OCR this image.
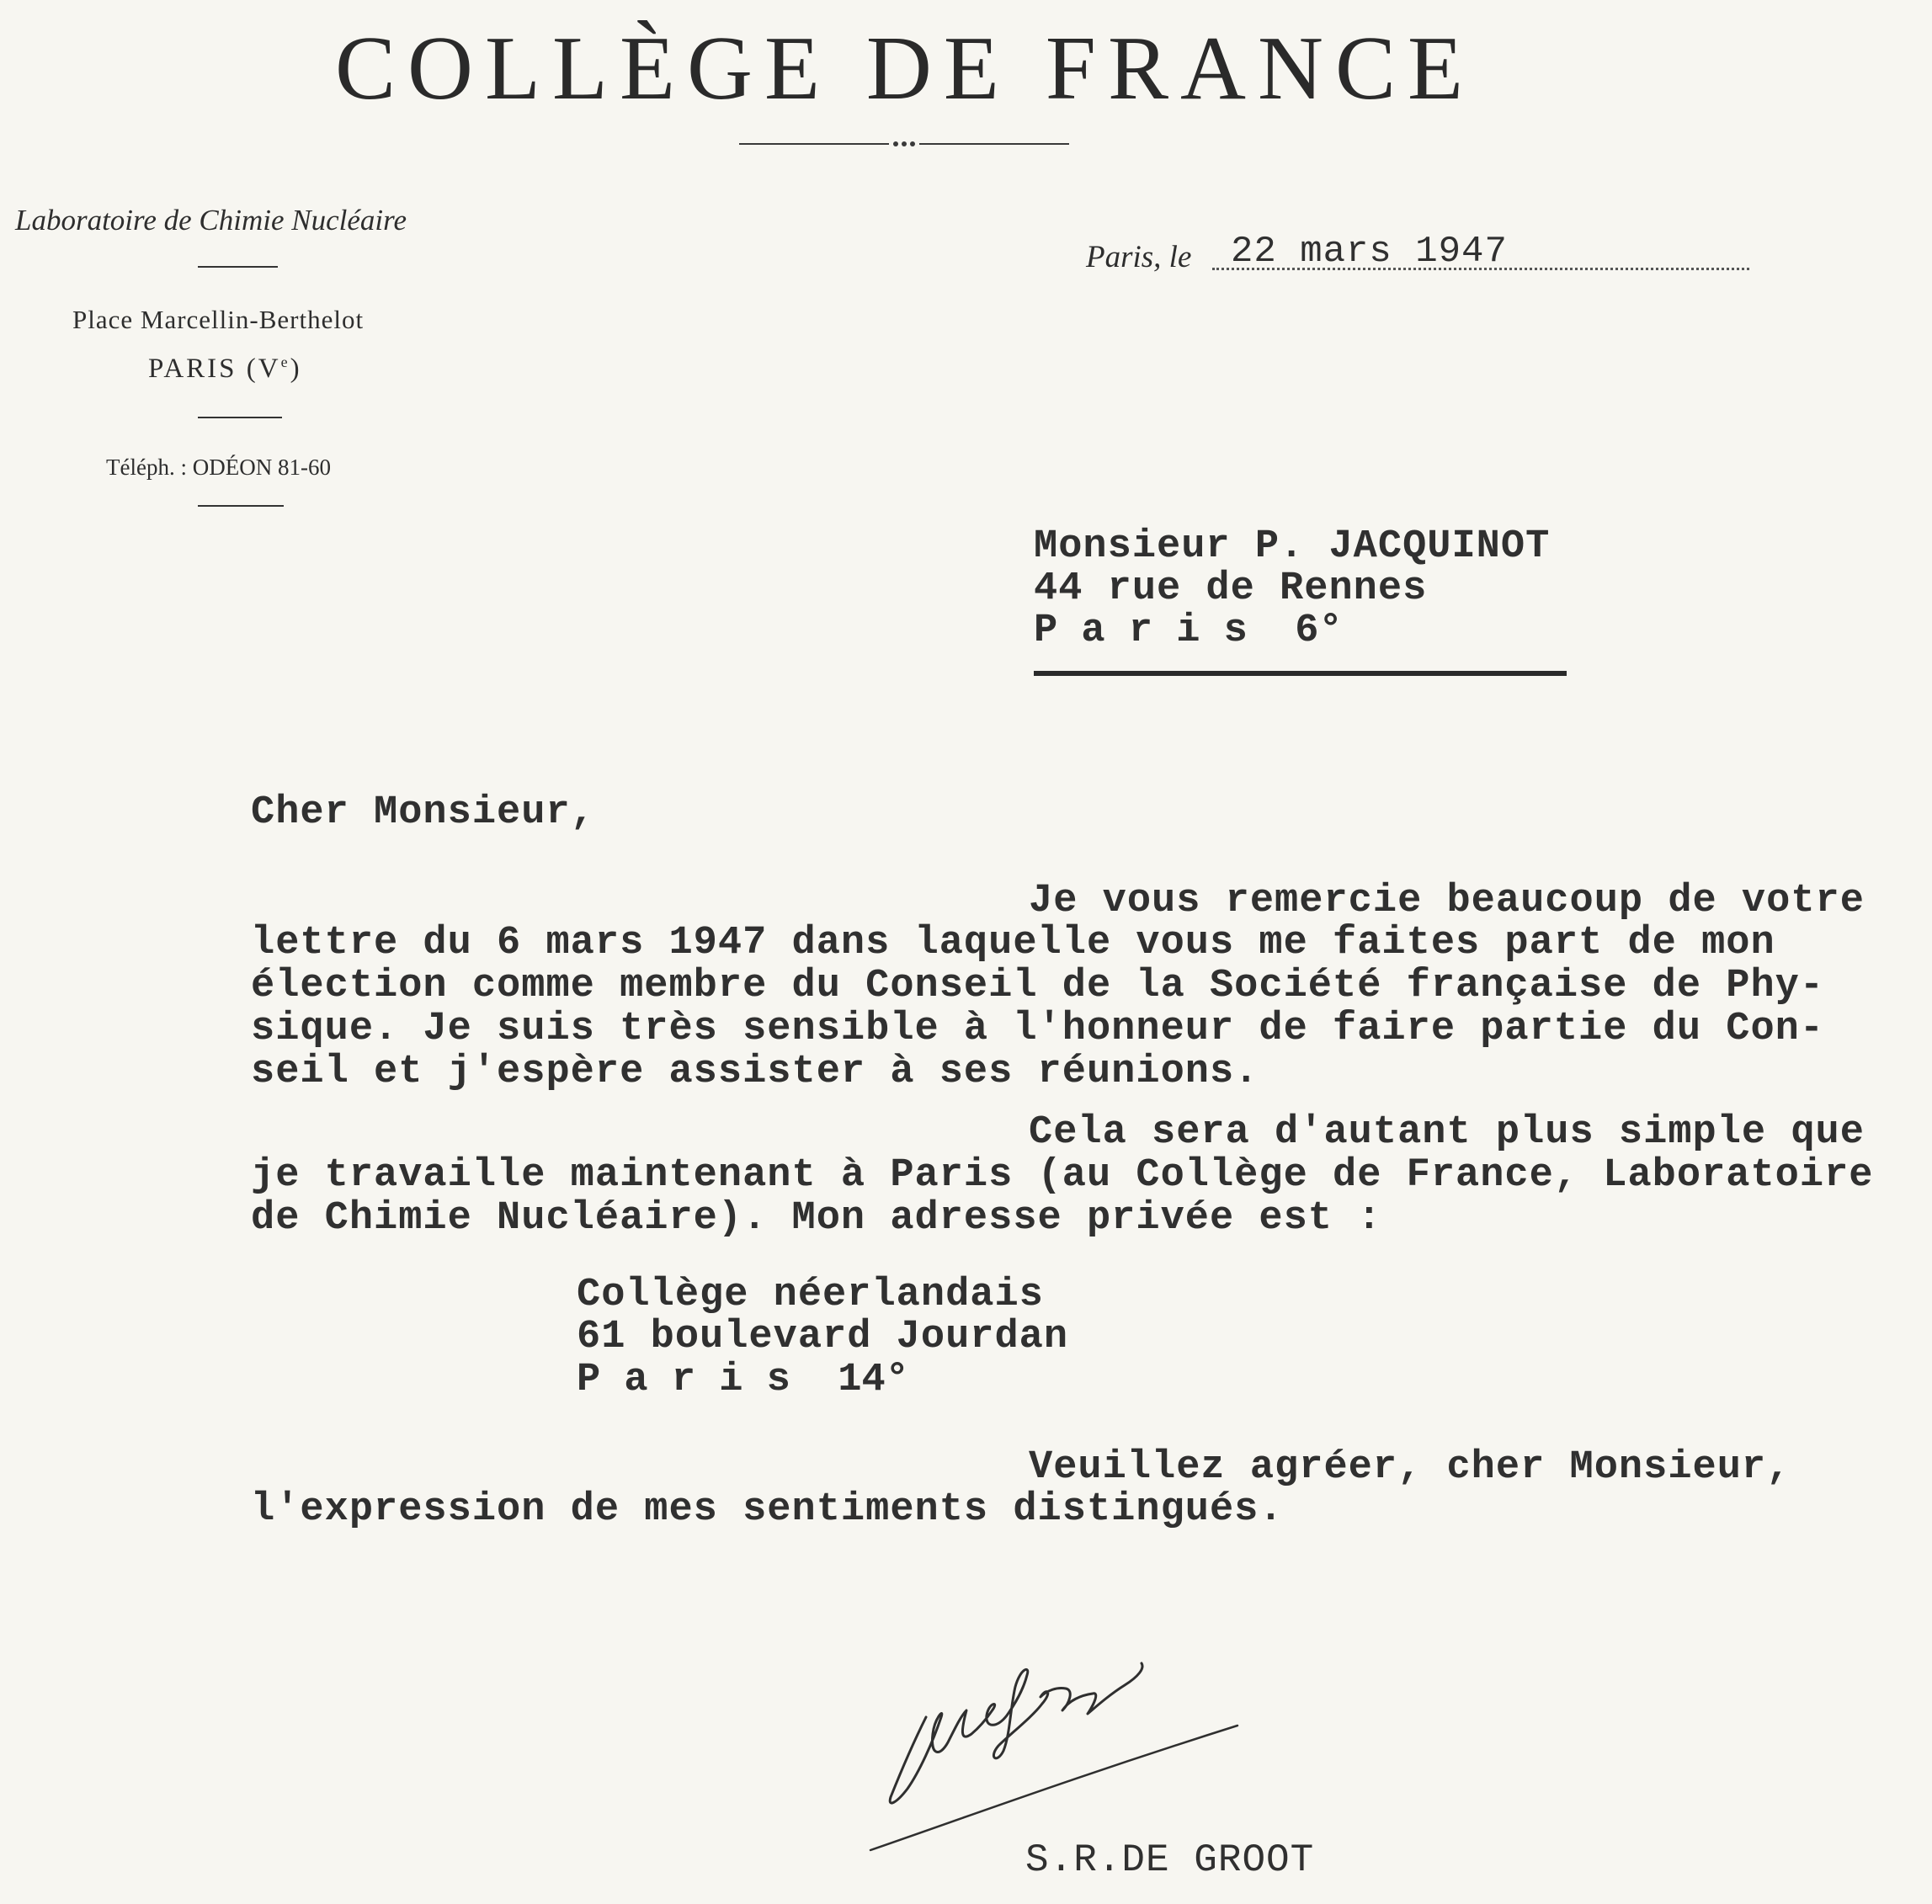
COLLÈGE DE FRANCE
Laboratoire de Chimie Nucléaire
Place Marcellin-Berthelot
PARIS (Ve)
Téléph. : ODÉON 81-60
Paris, le 22 mars 1947
Monsieur P. JACQUINOT
44 rue de Rennes
P a r i s  6°
Cher Monsieur,
Je vous remercie beaucoup de votre
lettre du 6 mars 1947 dans laquelle vous me faites part de mon
élection comme membre du Conseil de la Société française de Phy-
sique. Je suis très sensible à l'honneur de faire partie du Con-
seil et j'espère assister à ses réunions.
Cela sera d'autant plus simple que
je travaille maintenant à Paris (au Collège de France, Laboratoire
de Chimie Nucléaire). Mon adresse privée est :
Collège néerlandais
61 boulevard Jourdan
P a r i s  14°
Veuillez agréer, cher Monsieur,
l'expression de mes sentiments distingués.
S.R.DE GROOT
